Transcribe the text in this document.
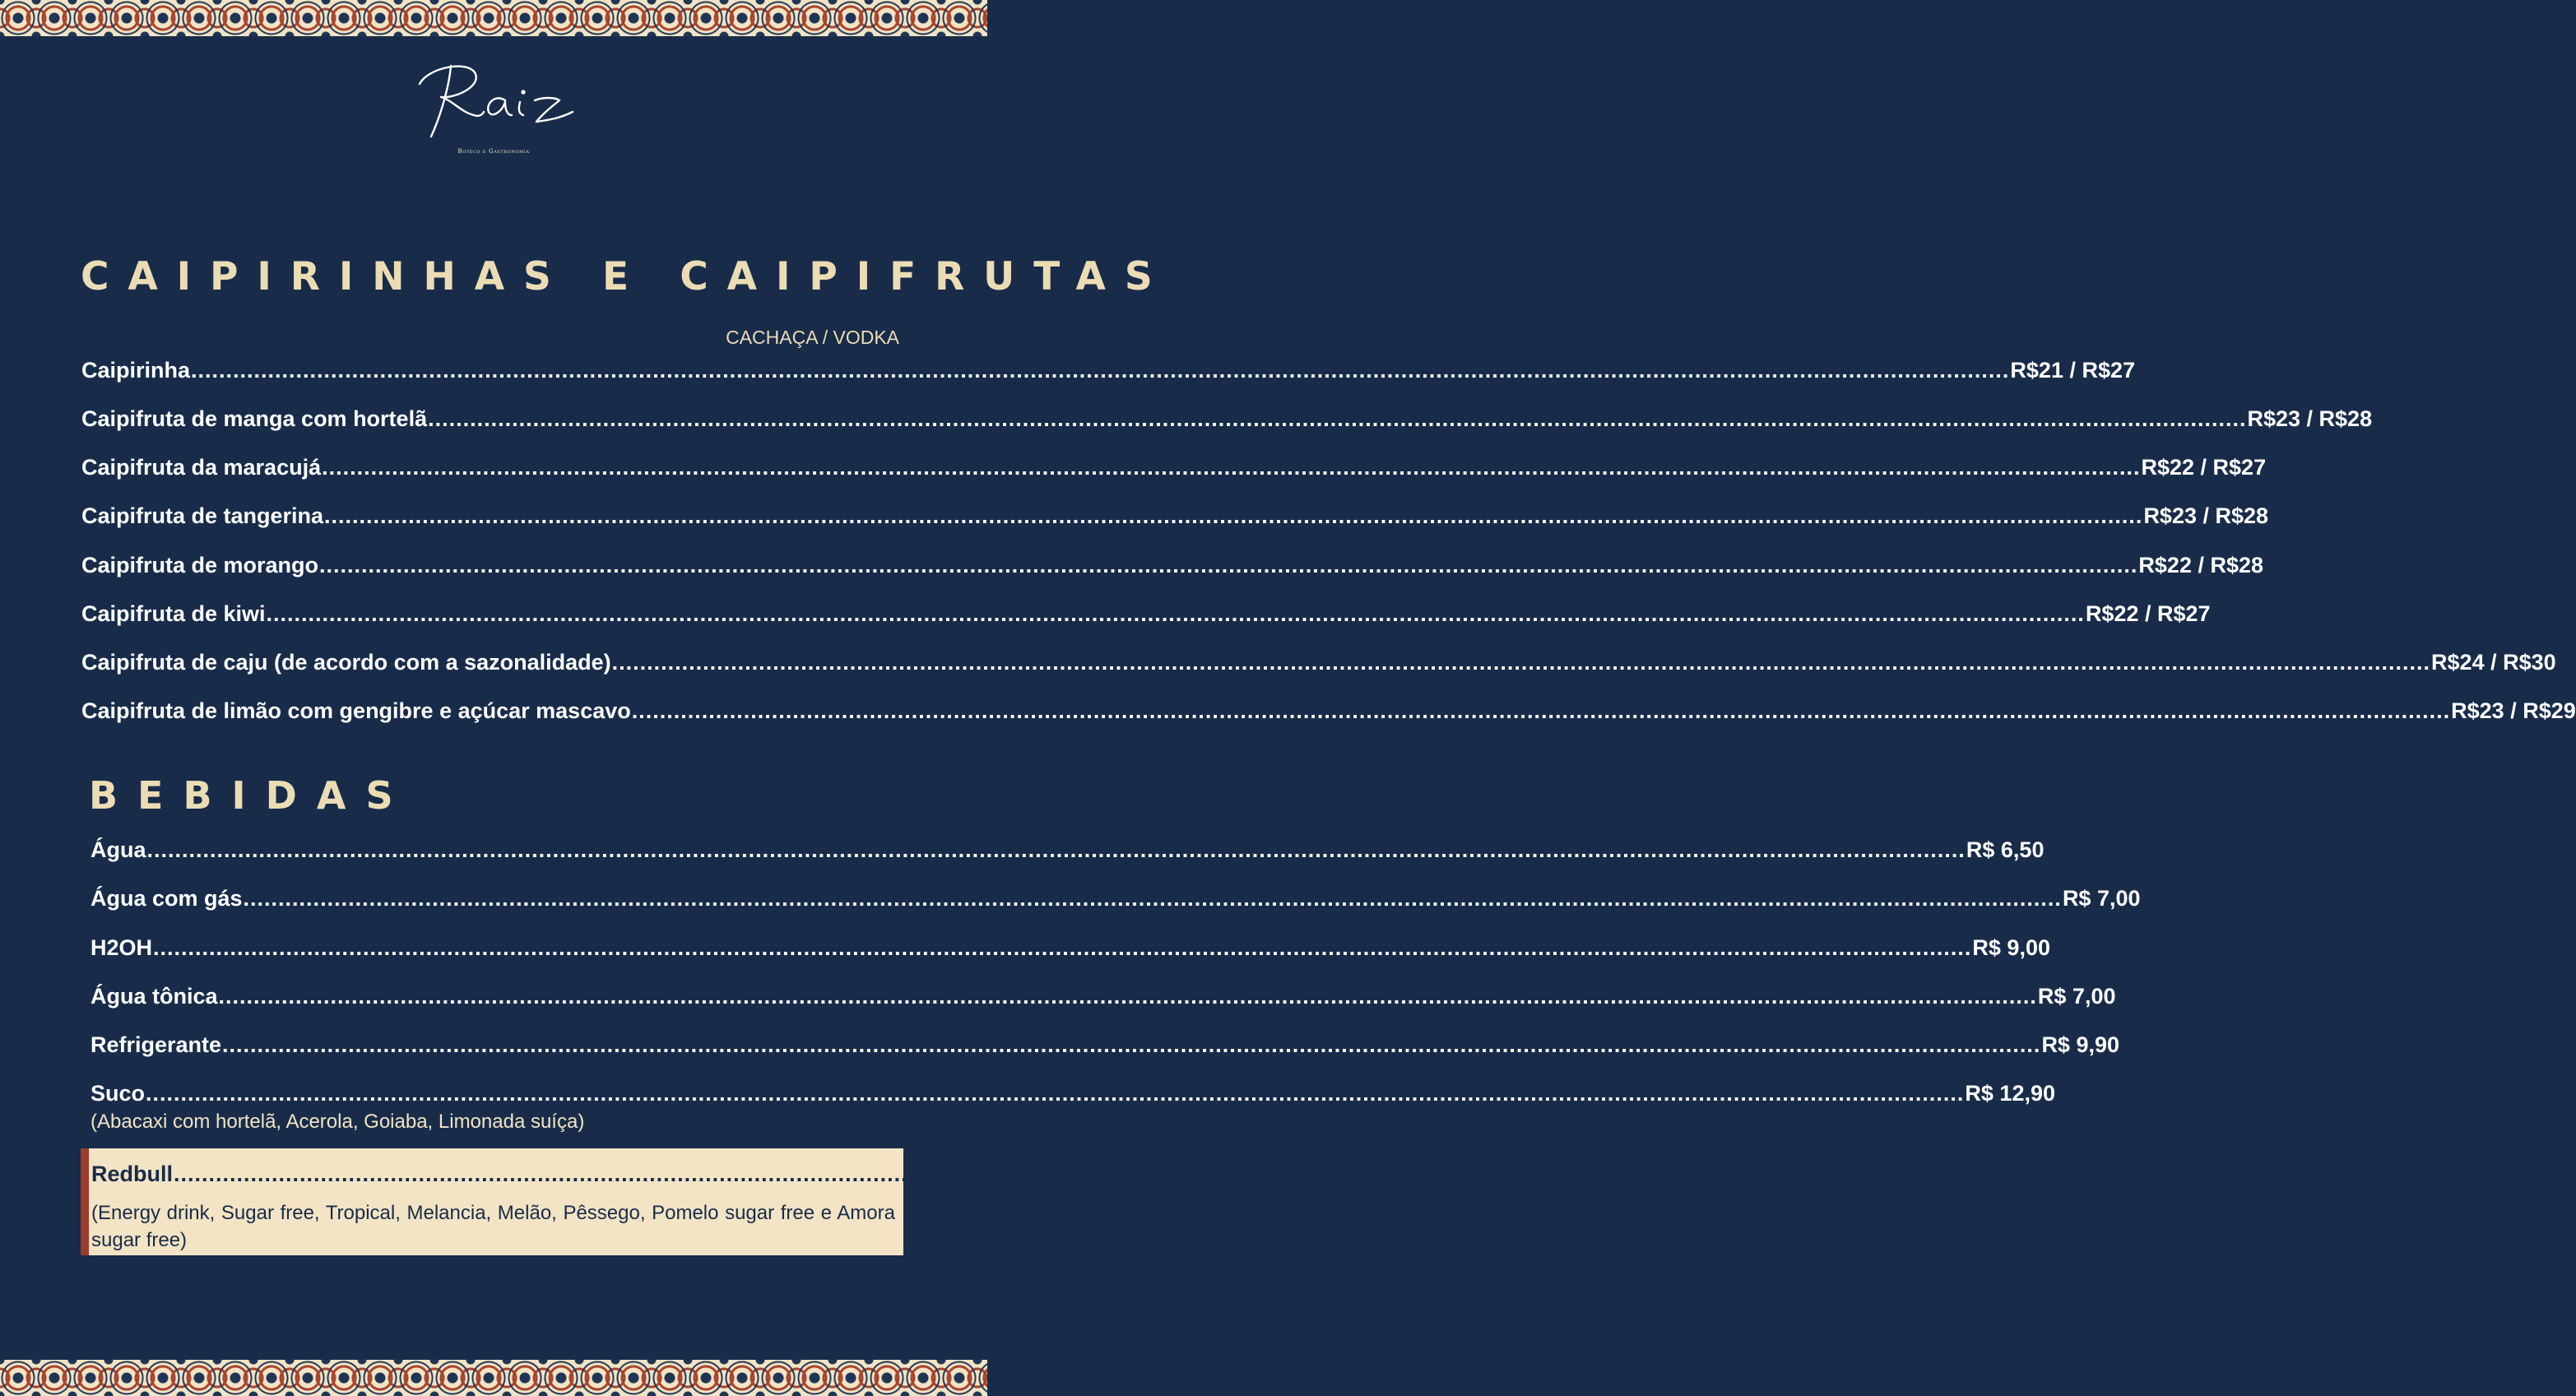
Boteco e Gastronomia
CAIPIRINHAS E CAIPIFRUTAS

CACHAÇA / VODKA

Caipirinha .....	R$21 / R$27
Caipifruta de manga com hortelã .....	R$23 / R$28
Caipifruta da maracujá .....	R$22 / R$27
Caipifruta de tangerina .....	R$23 / R$28
Caipifruta de morango .....	R$22 / R$28
Caipifruta de kiwi .....	R$22 / R$27
Caipifruta de caju (de acordo com a sazonalidade) .....	R$24 / R$30
Caipifruta de limão com gengibre e açúcar mascavo .....	R$23 / R$29
BEBIDAS
Água .....	R$ 6,50
Água com gás .....	R$ 7,00
H2OH .....	R$ 9,00
Água tônica .....	R$ 7,00
Refrigerante .....	R$ 9,90
Suco .....	R$ 12,90

(Abacaxi com hortelã, Acerola, Goiaba, Limonada suíça)

Redbull .....	R$ 14,90

(Energy drink, Sugar free, Tropical, Melancia, Melão, Pêssego, Pomelo sugar free e Amora sugar free)
